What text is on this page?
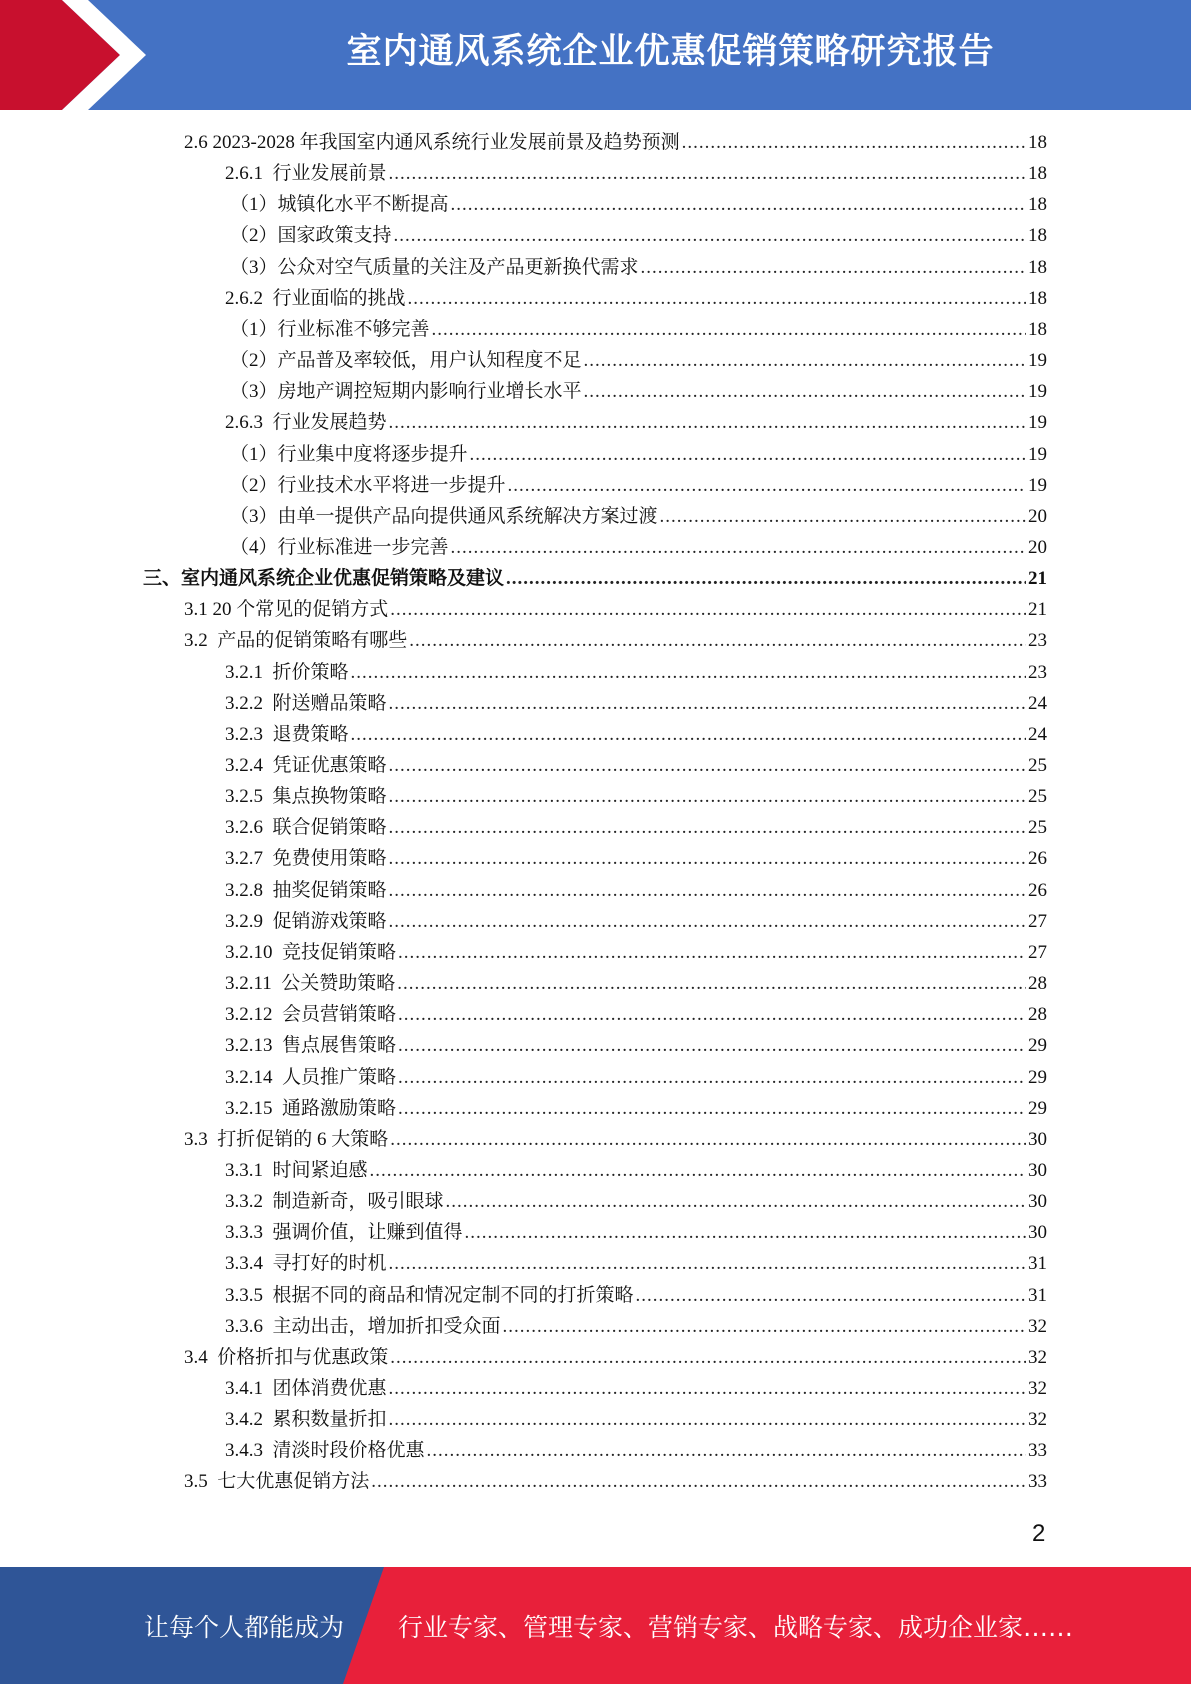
室内通风系统企业优惠促销策略研究报告
2.6 2023-2028 年我国室内通风系统行业发展前景及趋势预测 .....	18
2.6.1  行业发展前景 .....	18
（1）城镇化水平不断提高 .....	18
（2）国家政策支持 .....	18
（3）公众对空气质量的关注及产品更新换代需求 .....	18
2.6.2  行业面临的挑战 .....	18
（1）行业标准不够完善 .....	18
（2）产品普及率较低，用户认知程度不足 .....	19
（3）房地产调控短期内影响行业增长水平 .....	19
2.6.3  行业发展趋势 .....	19
（1）行业集中度将逐步提升 .....	19
（2）行业技术水平将进一步提升 .....	19
（3）由单一提供产品向提供通风系统解决方案过渡 .....	20
（4）行业标准进一步完善 .....	20
三、室内通风系统企业优惠促销策略及建议 .....	21
3.1 20 个常见的促销方式 .....	21
3.2  产品的促销策略有哪些 .....	23
3.2.1  折价策略 .....	23
3.2.2  附送赠品策略 .....	24
3.2.3  退费策略 .....	24
3.2.4  凭证优惠策略 .....	25
3.2.5  集点换物策略 .....	25
3.2.6  联合促销策略 .....	25
3.2.7  免费使用策略 .....	26
3.2.8  抽奖促销策略 .....	26
3.2.9  促销游戏策略 .....	27
3.2.10  竞技促销策略 .....	27
3.2.11  公关赞助策略 .....	28
3.2.12  会员营销策略 .....	28
3.2.13  售点展售策略 .....	29
3.2.14  人员推广策略 .....	29
3.2.15  通路激励策略 .....	29
3.3  打折促销的 6 大策略 .....	30
3.3.1  时间紧迫感 .....	30
3.3.2  制造新奇，吸引眼球 .....	30
3.3.3  强调价值，让赚到值得 .....	30
3.3.4  寻打好的时机 .....	31
3.3.5  根据不同的商品和情况定制不同的打折策略 .....	31
3.3.6  主动出击，增加折扣受众面 .....	32
3.4  价格折扣与优惠政策 .....	32
3.4.1  团体消费优惠 .....	32
3.4.2  累积数量折扣 .....	32
3.4.3  清淡时段价格优惠 .....	33
3.5  七大优惠促销方法 .....	33
2
让每个人都能成为 行业专家、管理专家、营销专家、战略专家、成功企业家……
